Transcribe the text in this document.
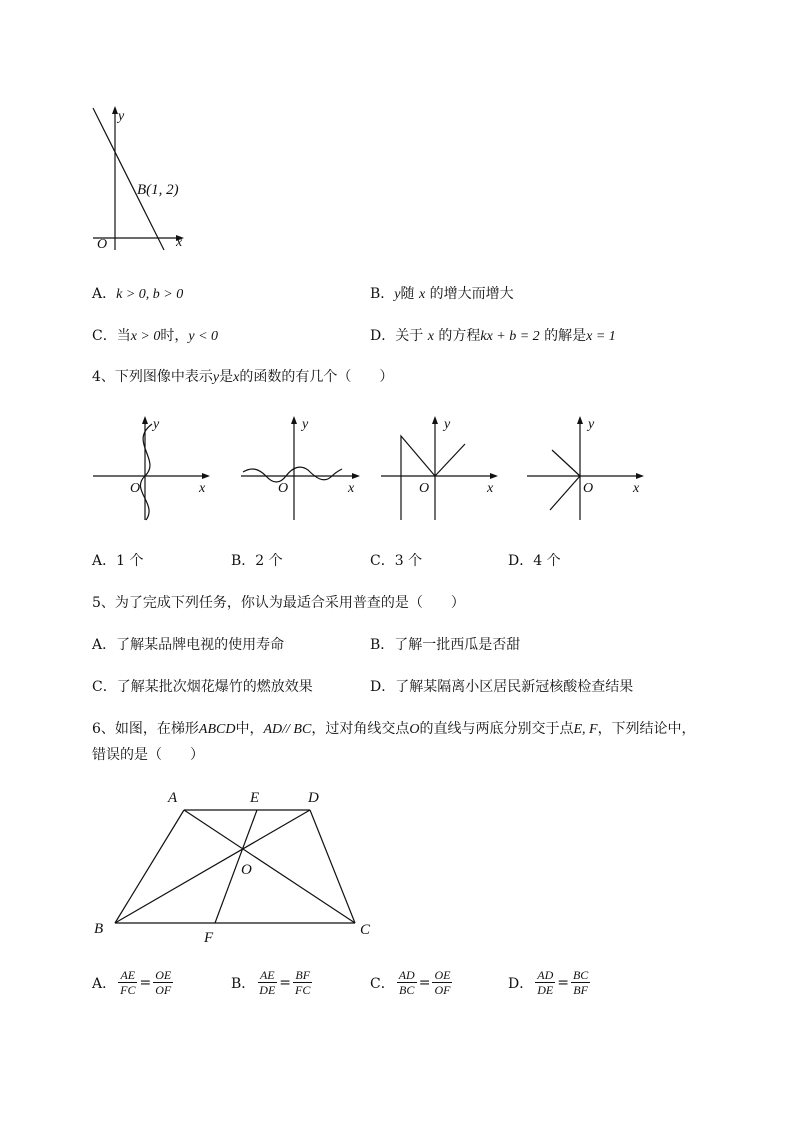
y
x
O
B(1, 2)
A．k > 0, b > 0	B．y随 x 的增大而增大
C．当x > 0时，y < 0	D．关于 x 的方程kx + b = 2 的解是x = 1
4、下列图像中表示y是x的函数的有几个（　　）
y
x
O
y
x
O
y
x
O
y
x
O
A．1 个	B．2 个	C．3 个	D．4 个
5、为了完成下列任务，你认为最适合采用普查的是（　　）
A．了解某品牌电视的使用寿命	B．了解一批西瓜是否甜
C．了解某批次烟花爆竹的燃放效果	D．了解某隔离小区居民新冠核酸检查结果
6、如图，在梯形ABCD中，AD// BC，过对角线交点O的直线与两底分别交于点E, F，下列结论中，
错误的是（　　）
A	E	D
O
B
F	C
A． $\frac{AE}{FC} = \frac{OE}{OF}$	B． $\frac{AE}{DE} = \frac{BF}{FC}$	C． $\frac{AD}{BC} = \frac{OE}{OF}$	D． $\frac{AD}{DE} = \frac{BC}{BF}$
